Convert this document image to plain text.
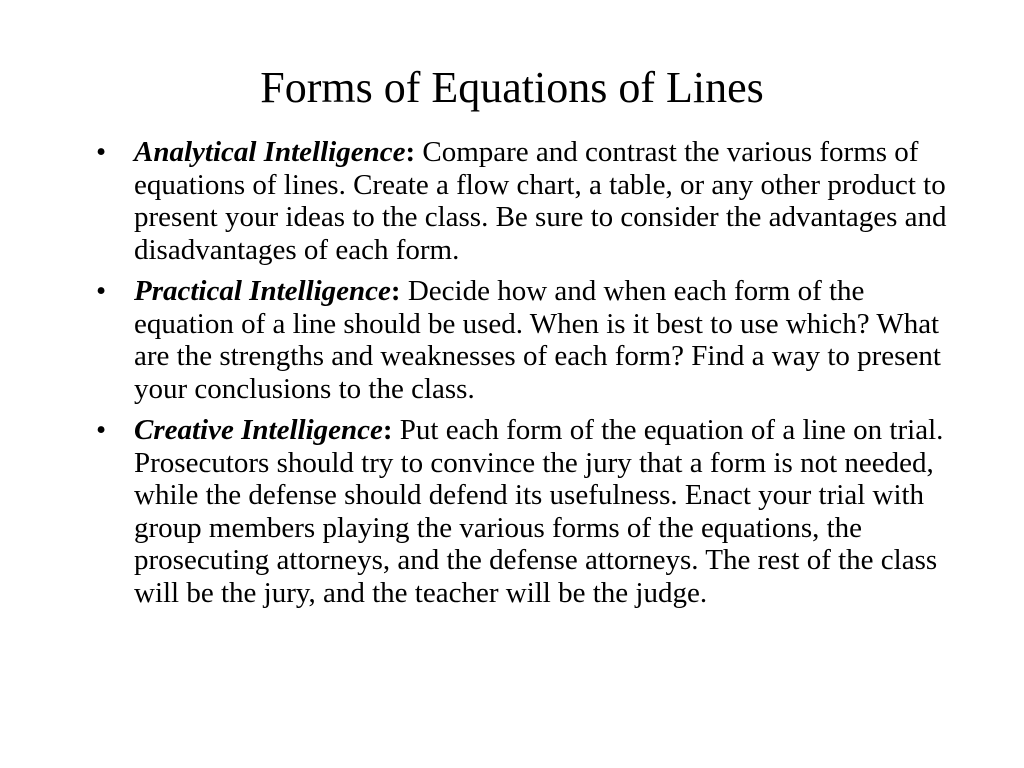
Forms of Equations of Lines
• Analytical Intelligence: Compare and contrast the various forms of equations of lines. Create a flow chart, a table, or any other product to present your ideas to the class. Be sure to consider the advantages and disadvantages of each form.
• Practical Intelligence: Decide how and when each form of the equation of a line should be used. When is it best to use which? What are the strengths and weaknesses of each form? Find a way to present your conclusions to the class.
• Creative Intelligence: Put each form of the equation of a line on trial. Prosecutors should try to convince the jury that a form is not needed, while the defense should defend its usefulness. Enact your trial with group members playing the various forms of the equations, the prosecuting attorneys, and the defense attorneys. The rest of the class will be the jury, and the teacher will be the judge.
